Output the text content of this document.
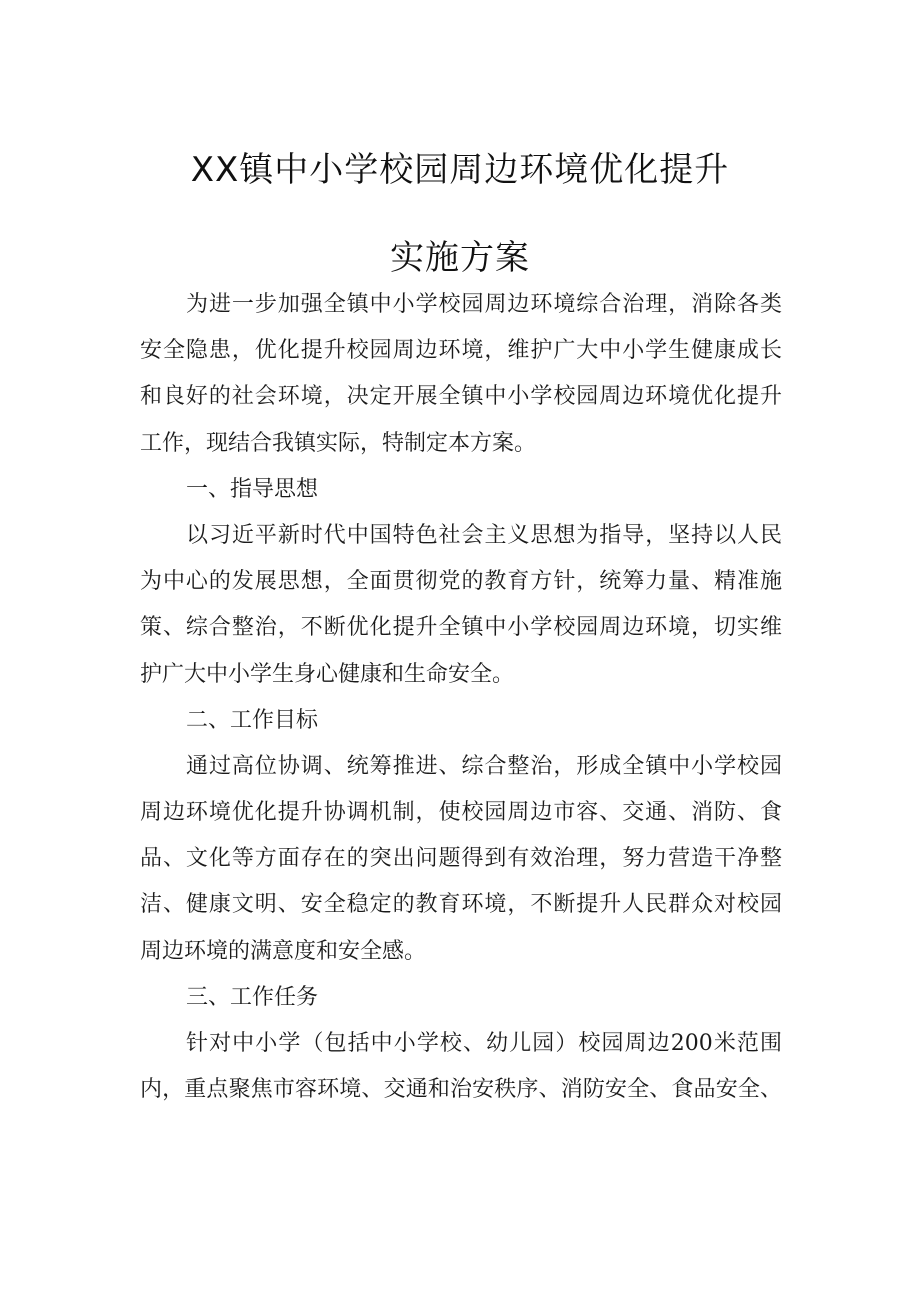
XX镇中小学校园周边环境优化提升
实施方案
为进一步加强全镇中小学校园周边环境综合治理，消除各类
安全隐患，优化提升校园周边环境，维护广大中小学生健康成长
和良好的社会环境，决定开展全镇中小学校园周边环境优化提升
工作，现结合我镇实际，特制定本方案。
一、指导思想
以习近平新时代中国特色社会主义思想为指导，坚持以人民
为中心的发展思想，全面贯彻党的教育方针，统筹力量、精准施
策、综合整治，不断优化提升全镇中小学校园周边环境，切实维
护广大中小学生身心健康和生命安全。
二、工作目标
通过高位协调、统筹推进、综合整治，形成全镇中小学校园
周边环境优化提升协调机制，使校园周边市容、交通、消防、食
品、文化等方面存在的突出问题得到有效治理，努力营造干净整
洁、健康文明、安全稳定的教育环境，不断提升人民群众对校园
周边环境的满意度和安全感。
三、工作任务
针对中小学（包括中小学校、幼儿园）校园周边200米范围
内，重点聚焦市容环境、交通和治安秩序、消防安全、食品安全、
